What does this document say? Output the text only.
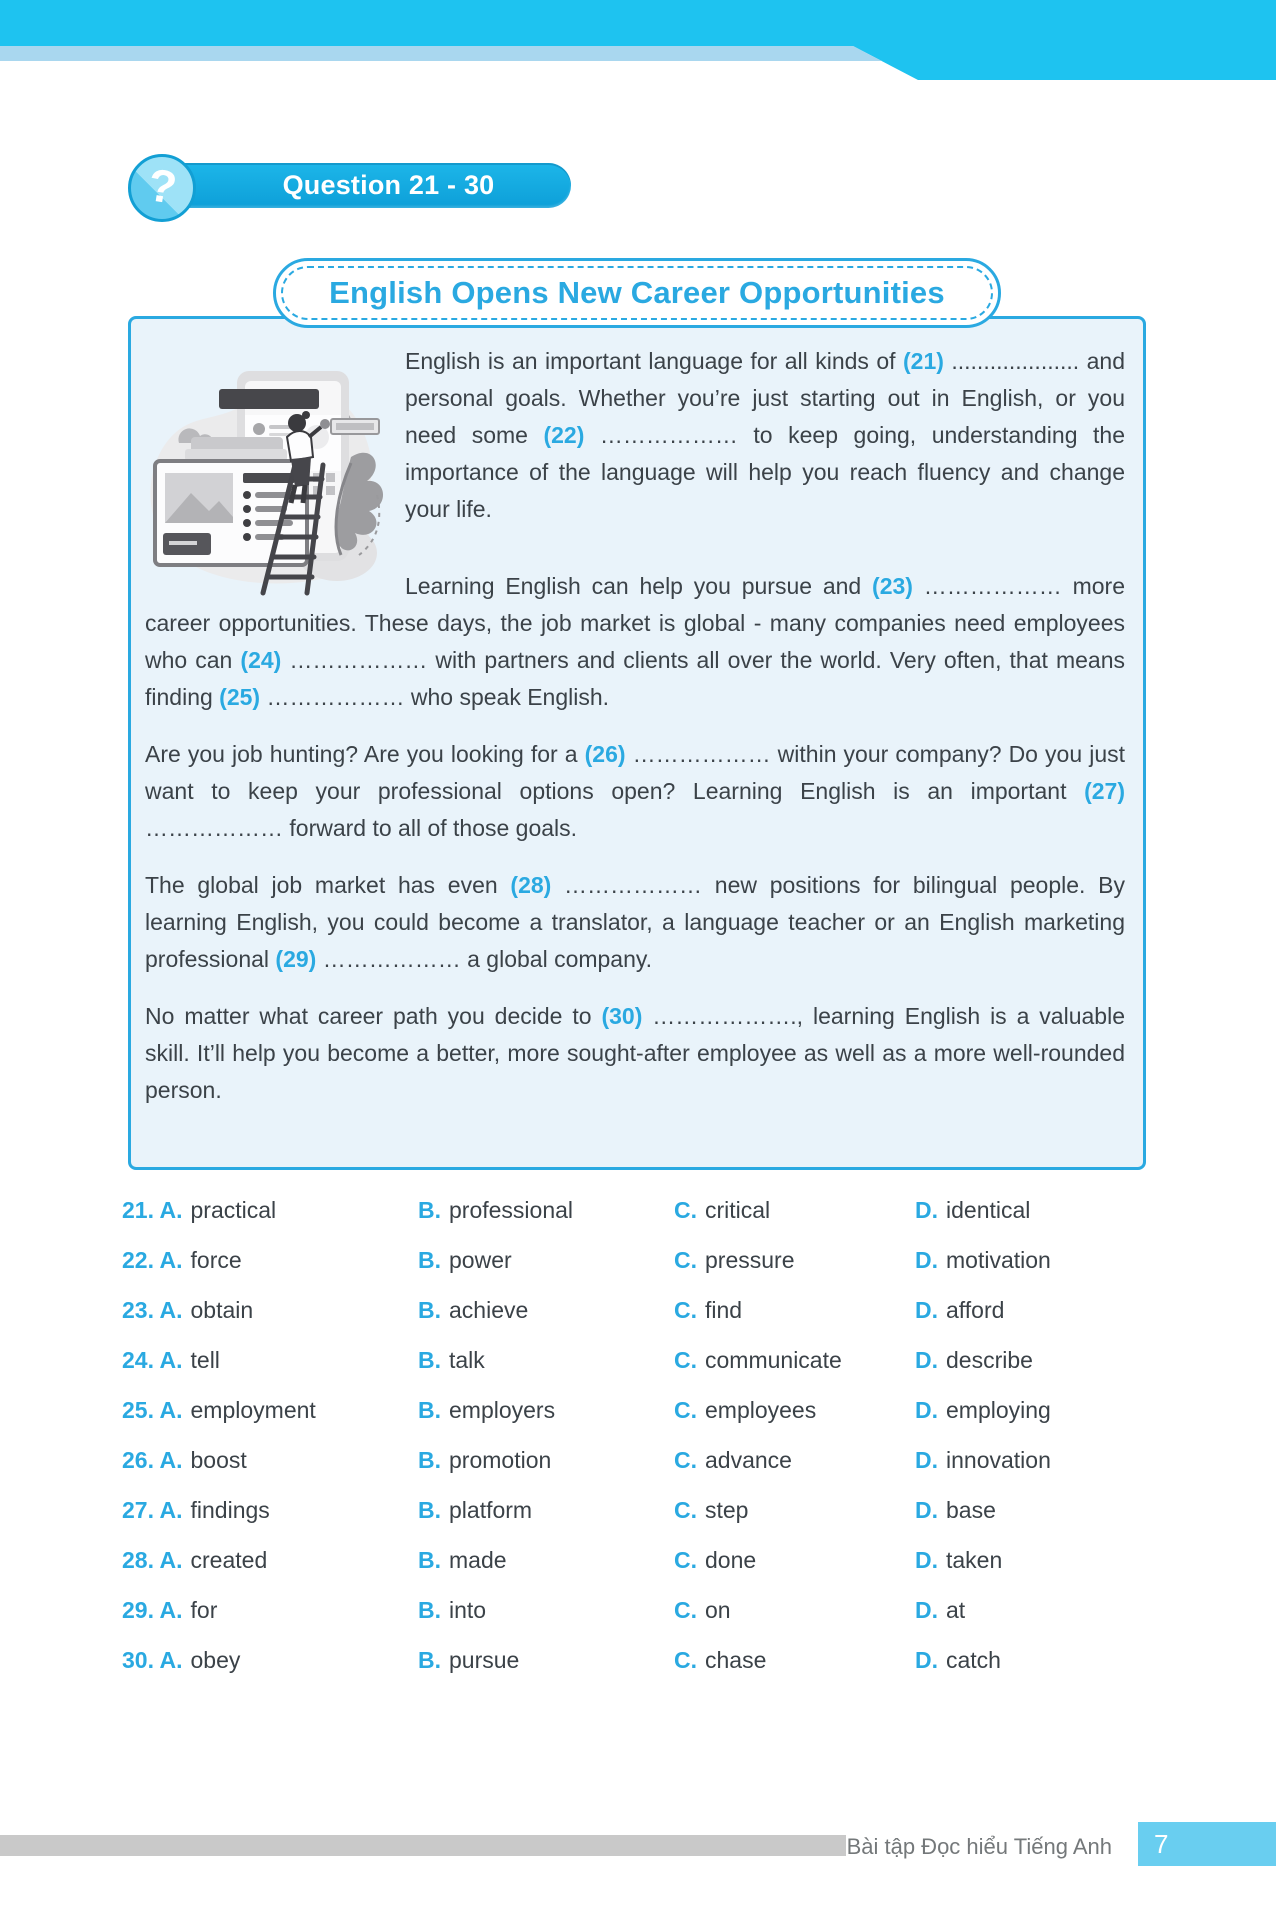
Question 21 - 30
?
English Opens New Career Opportunities

English is an important language for all kinds of (21) .................... and personal goals. Whether you’re just starting out in English, or you need some (22) ……………… to keep going, understanding the importance of the language will help you reach fluency and change your life.

Learning English can help you pursue and (23) ……………… more career opportunities. These days, the job market is global - many companies need employees who can (24) ……………… with partners and clients all over the world. Very often, that means finding (25) ……………… who speak English.

Are you job hunting? Are you looking for a (26) ……………… within your company? Do you just want to keep your professional options open? Learning English is an important (27) ……………… forward to all of those goals.

The global job market has even (28) ……………… new positions for bilingual people. By learning English, you could become a translator, a language teacher or an English marketing professional (29) ……………… a global company.

No matter what career path you decide to (30) ………………., learning English is a valuable skill. It’ll help you become a better, more sought-after employee as well as a more well-rounded person.

21. A. practical	B. professional	C. critical	D. identical
22. A. force	B. power	C. pressure	D. motivation
23. A. obtain	B. achieve	C. find	D. afford
24. A. tell	B. talk	C. communicate	D. describe
25. A. employment	B. employers	C. employees	D. employing
26. A. boost	B. promotion	C. advance	D. innovation
27. A. findings	B. platform	C. step	D. base
28. A. created	B. made	C. done	D. taken
29. A. for	B. into	C. on	D. at
30. A. obey	B. pursue	C. chase	D. catch
Bài tập Đọc hiểu Tiếng Anh 7
